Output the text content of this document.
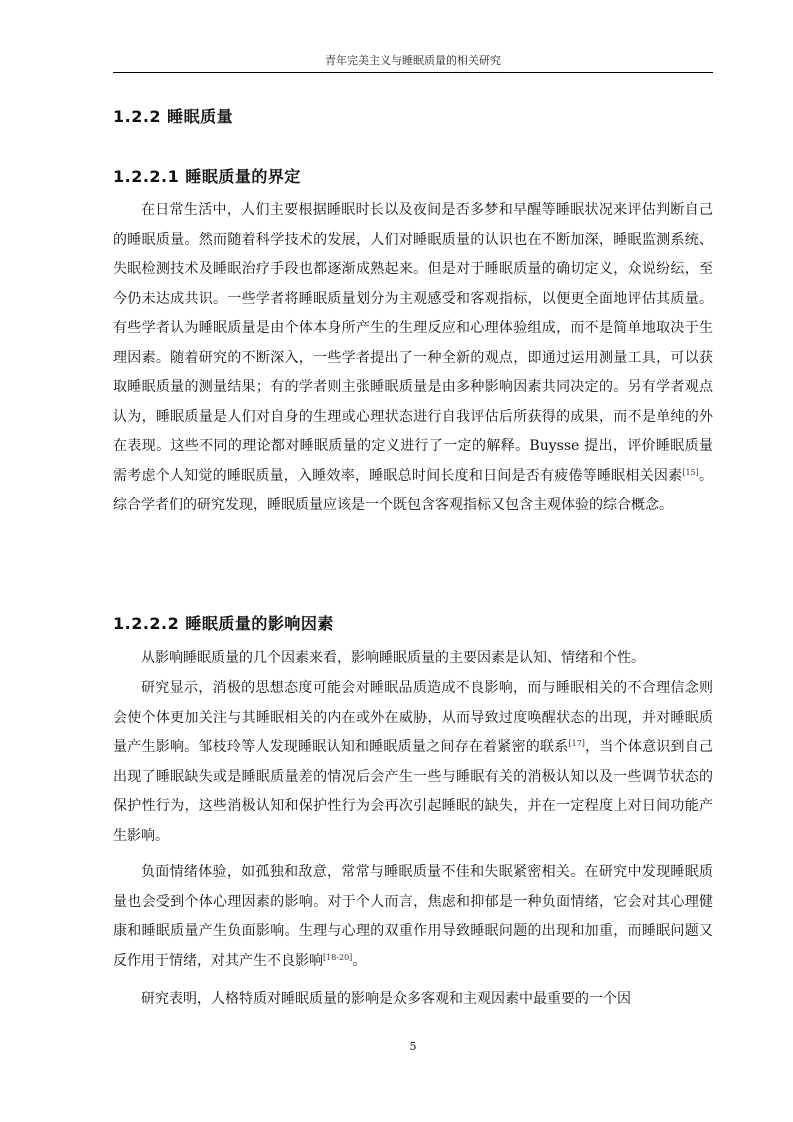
青年完美主义与睡眠质量的相关研究
1.2.2 睡眠质量
1.2.2.1 睡眠质量的界定

在日常生活中，人们主要根据睡眠时长以及夜间是否多梦和早醒等睡眠状况来评估判断自己的睡眠质量。然而随着科学技术的发展，人们对睡眠质量的认识也在不断加深，睡眠监测系统、失眠检测技术及睡眠治疗手段也都逐渐成熟起来。但是对于睡眠质量的确切定义，众说纷纭，至今仍未达成共识。一些学者将睡眠质量划分为主观感受和客观指标，以便更全面地评估其质量。有些学者认为睡眠质量是由个体本身所产生的生理反应和心理体验组成，而不是简单地取决于生理因素。随着研究的不断深入，一些学者提出了一种全新的观点，即通过运用测量工具，可以获取睡眠质量的测量结果；有的学者则主张睡眠质量是由多种影响因素共同决定的。另有学者观点认为，睡眠质量是人们对自身的生理或心理状态进行自我评估后所获得的成果，而不是单纯的外在表现。这些不同的理论都对睡眠质量的定义进行了一定的解释。Buysse 提出，评价睡眠质量需考虑个人知觉的睡眠质量，入睡效率，睡眠总时间长度和日间是否有疲倦等睡眠相关因素[15]。综合学者们的研究发现，睡眠质量应该是一个既包含客观指标又包含主观体验的综合概念。

1.2.2.2 睡眠质量的影响因素

从影响睡眠质量的几个因素来看，影响睡眠质量的主要因素是认知、情绪和个性。

研究显示，消极的思想态度可能会对睡眠品质造成不良影响，而与睡眠相关的不合理信念则会使个体更加关注与其睡眠相关的内在或外在威胁，从而导致过度唤醒状态的出现，并对睡眠质量产生影响。邹枝玲等人发现睡眠认知和睡眠质量之间存在着紧密的联系[17]，当个体意识到自己出现了睡眠缺失或是睡眠质量差的情况后会产生一些与睡眠有关的消极认知以及一些调节状态的保护性行为，这些消极认知和保护性行为会再次引起睡眠的缺失，并在一定程度上对日间功能产生影响。

负面情绪体验，如孤独和敌意，常常与睡眠质量不佳和失眠紧密相关。在研究中发现睡眠质量也会受到个体心理因素的影响。对于个人而言，焦虑和抑郁是一种负面情绪，它会对其心理健康和睡眠质量产生负面影响。生理与心理的双重作用导致睡眠问题的出现和加重，而睡眠问题又反作用于情绪，对其产生不良影响[18-20]。

研究表明，人格特质对睡眠质量的影响是众多客观和主观因素中最重要的一个因

5
